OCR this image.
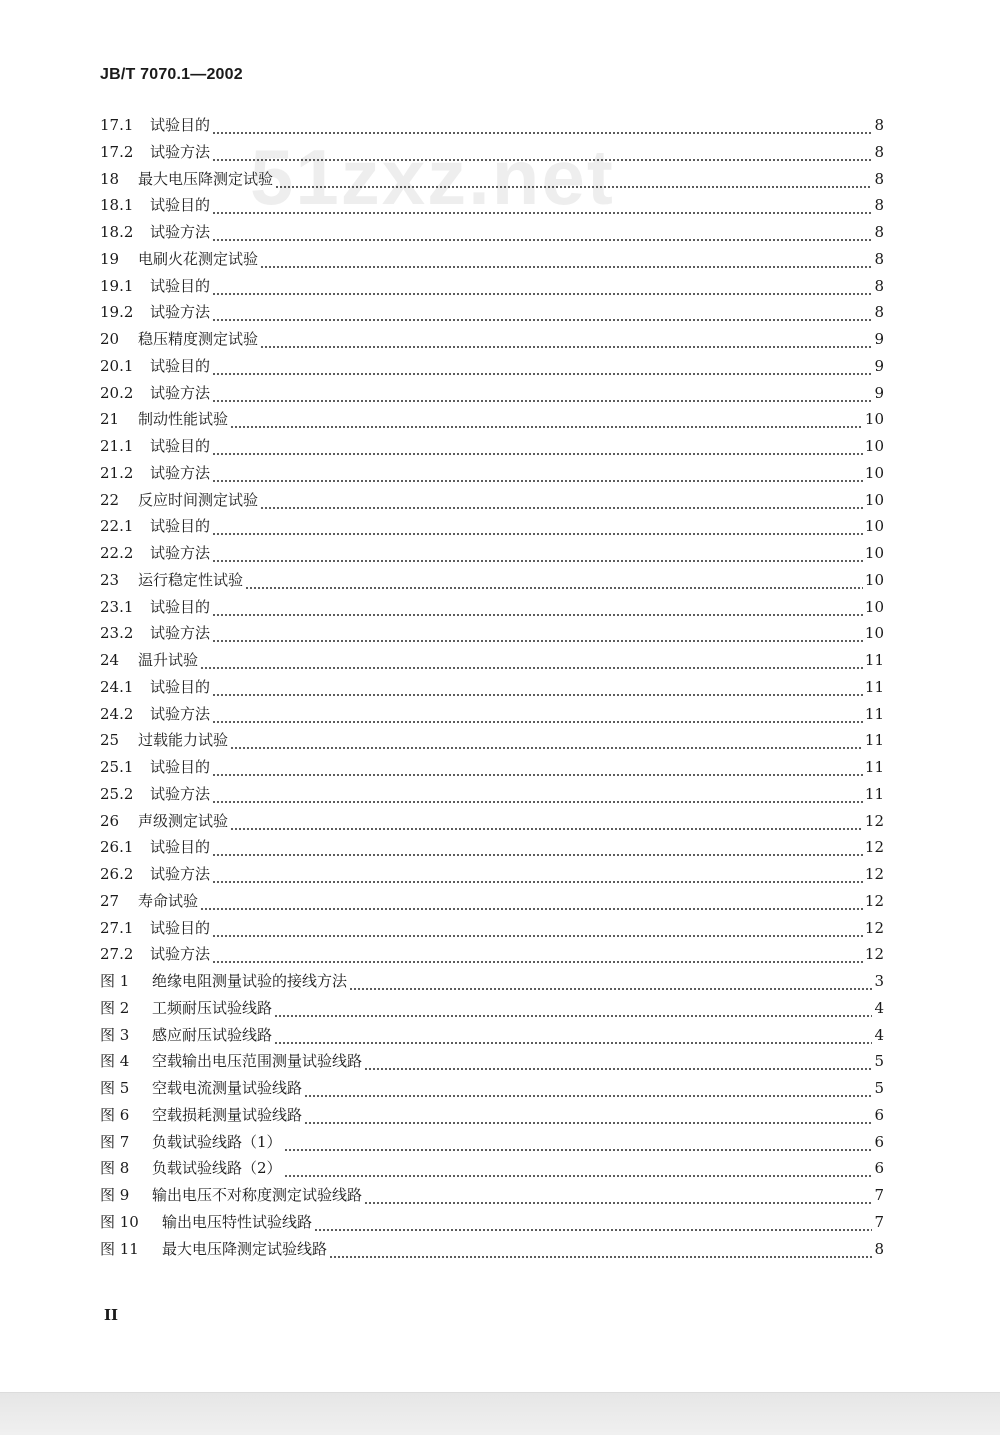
JB/T 7070.1—2002
17.1	试验目的	8
17.2	试验方法	8
18	最大电压降测定试验	8
18.1	试验目的	8
18.2	试验方法	8
19	电刷火花测定试验	8
19.1	试验目的	8
19.2	试验方法	8
20	稳压精度测定试验	9
20.1	试验目的	9
20.2	试验方法	9
21	制动性能试验	10
21.1	试验目的	10
21.2	试验方法	10
22	反应时间测定试验	10
22.1	试验目的	10
22.2	试验方法	10
23	运行稳定性试验	10
23.1	试验目的	10
23.2	试验方法	10
24	温升试验	11
24.1	试验目的	11
24.2	试验方法	11
25	过载能力试验	11
25.1	试验目的	11
25.2	试验方法	11
26	声级测定试验	12
26.1	试验目的	12
26.2	试验方法	12
27	寿命试验	12
27.1	试验目的	12
27.2	试验方法	12
图 1	绝缘电阻测量试验的接线方法	3
图 2	工频耐压试验线路	4
图 3	感应耐压试验线路	4
图 4	空载输出电压范围测量试验线路	5
图 5	空载电流测量试验线路	5
图 6	空载损耗测量试验线路	6
图 7	负载试验线路（1）	6
图 8	负载试验线路（2）	6
图 9	输出电压不对称度测定试验线路	7
图 10	输出电压特性试验线路	7
图 11	最大电压降测定试验线路	8
II
